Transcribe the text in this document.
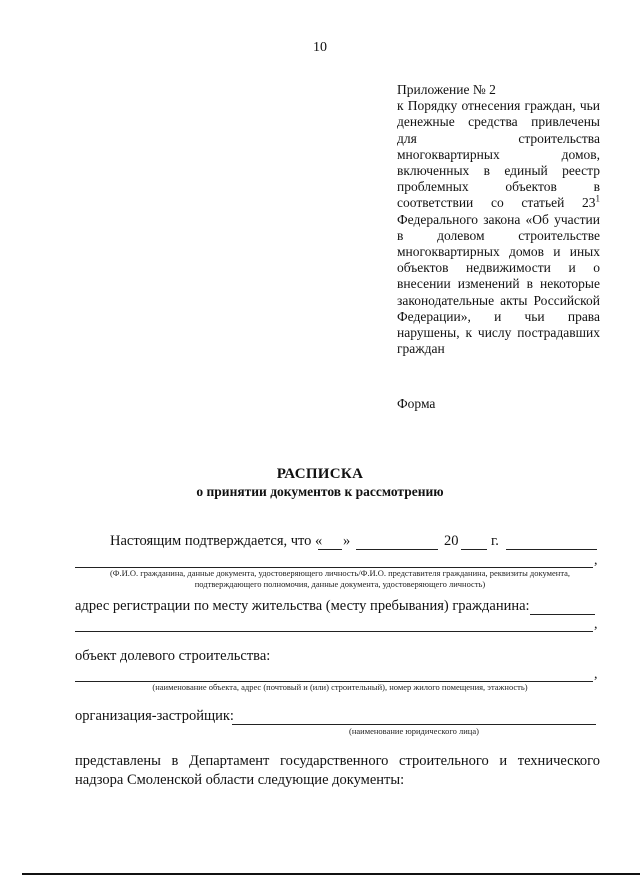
10
Приложение № 2
к Порядку отнесения граждан, чьи денежные средства привлечены для строительства многоквартирных домов, включенных в единый реестр проблемных объектов в соответствии со статьей $23^1$ Федерального закона «Об участии в долевом строительстве многоквартирных домов и иных объектов недвижимости и о внесении изменений в некоторые законодательные акты Российской Федерации», и чьи права нарушены, к числу пострадавших граждан
Форма
РАСПИСКА
о принятии документов к рассмотрению
Настоящим подтверждается, что « »	20 г.
,
(Ф.И.О. гражданина, данные документа, удостоверяющего личность/Ф.И.О. представителя гражданина, реквизиты документа, подтверждающего полномочия, данные документа, удостоверяющего личность)
адрес регистрации по месту жительства (месту пребывания) гражданина:
,
объект долевого строительства:
,
(наименование объекта, адрес (почтовый и (или) строительный), номер жилого помещения, этажность)
организация-застройщик:
(наименование юридического лица)
представлены в Департамент государственного строительного и технического надзора Смоленской области следующие документы:
